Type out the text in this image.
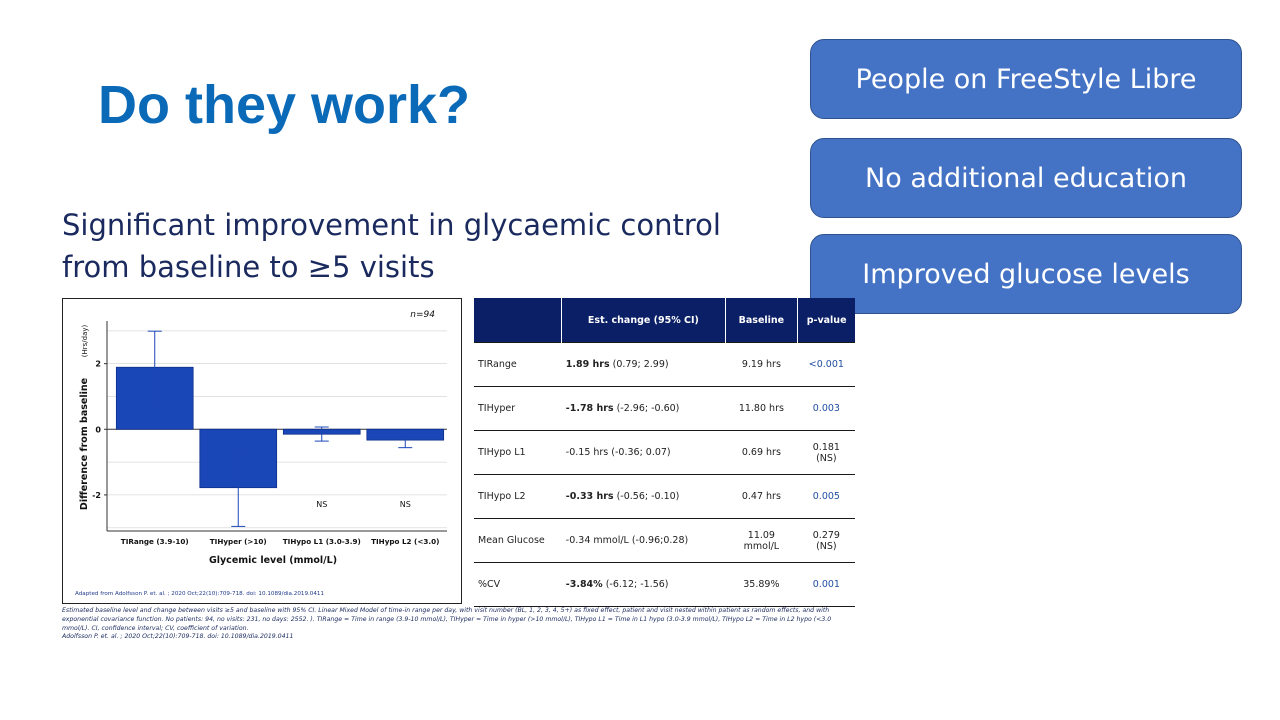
Do they work?
Significant improvement in glycaemic control from baseline to ≥5 visits
People on FreeStyle Libre
No additional education
Improved glucose levels
2
0
-2
TIRange (3.9-10)	TIHyper (>10) TIHypo L1 (3.0-3.9)
NS
TIHypo L2 (<3.0)
NS
n=94
Difference from baseline
(Hrs/day)
Glycemic level (mmol/L)
Adapted from Adolfsson P. et. al. ; 2020 Oct;22(10):709-718. doi: 10.1089/dia.2019.0411
	Est. change (95% CI)	Baseline	p-value
TIRange	1.89 hrs (0.79; 2.99)	9.19 hrs	<0.001
TIHyper	-1.78 hrs (-2.96; -0.60)	11.80 hrs	0.003
TIHypo L1	-0.15 hrs (-0.36; 0.07)	0.69 hrs	0.181 (NS)
TIHypo L2	-0.33 hrs (-0.56; -0.10)	0.47 hrs	0.005
Mean Glucose	-0.34 mmol/L (-0.96;0.28)	11.09 mmol/L	0.279 (NS)
%CV	-3.84% (-6.12; -1.56)	35.89%	0.001
Estimated baseline level and change between visits ≥5 and baseline with 95% CI. Linear Mixed Model of time-in range per day, with visit number (BL, 1, 2, 3, 4, 5+) as fixed effect, patient and visit nested within patient as random effects, and with exponential covariance function. No patients: 94, no visits: 231, no days: 2552. ). TIRange = Time in range (3.9-10 mmol/L), TIHyper = Time in hyper (>10 mmol/L), TIHypo L1 = Time in L1 hypo (3.0-3.9 mmol/L), TIHypo L2 = Time in L2 hypo (<3.0 mmol/L). CI, confidence interval; CV, coefficient of variation.
Adolfsson P. et. al. ; 2020 Oct;22(10):709-718. doi: 10.1089/dia.2019.0411
